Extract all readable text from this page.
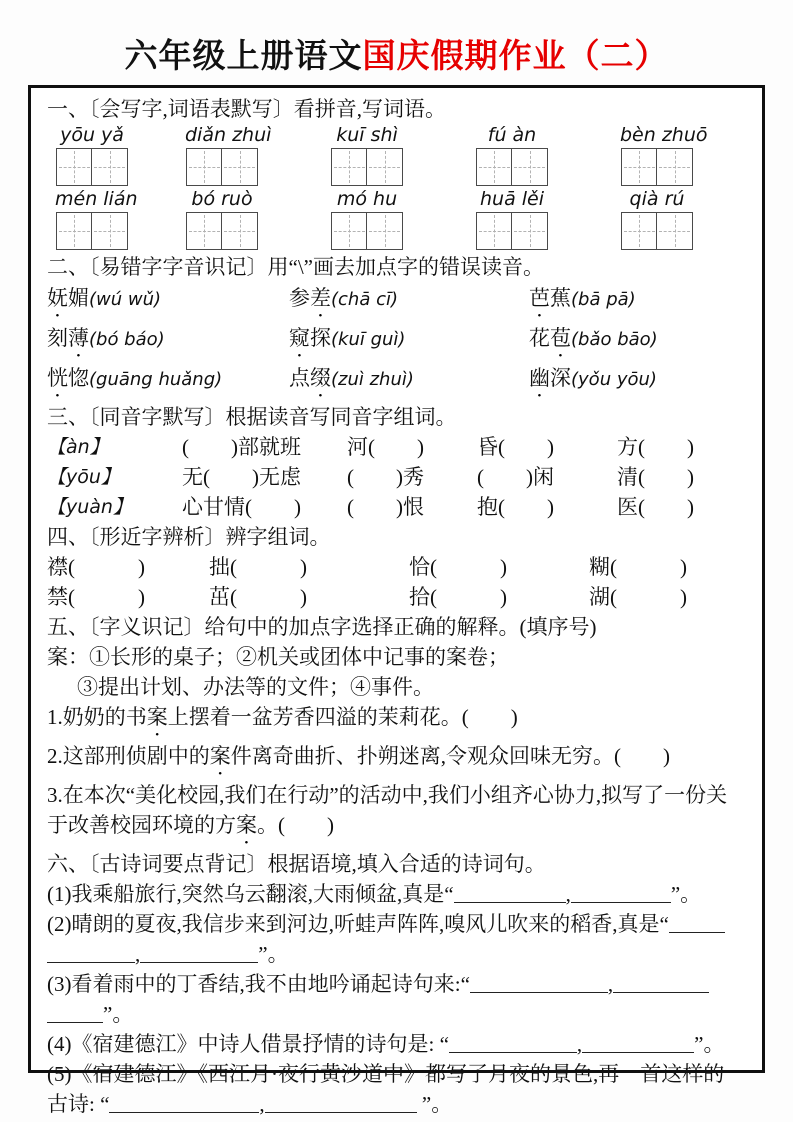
六年级上册语文国庆假期作业（二）

一、〔会写字,词语表默写〕看拼音,写词语。

yōu yǎ	diǎn zhuì	kuī shì	fú àn	bèn zhuō
mén lián	bó ruò	mó hu	huā lěi	qià rú

二、〔易错字字音识记〕用“\”画去加点字的错误读音。

妩媚(wú wǔ)	参差(chā cī)	芭蕉(bā pā)
刻薄(bó báo)	窥探(kuī guì)	花苞(bǎo bāo)
恍惚(guāng huǎng)	点缀(zuì zhuì)	幽深(yǒu yōu)

三、〔同音字默写〕根据读音写同音字组词。

【àn】	(　　)部就班	河(　　)	昏(　　)	方(　　)
【yōu】	无(　　)无虑	(　　)秀	(　　)闲	清(　　)
【yuàn】	心甘情(　　)	(　　)恨	抱(　　)	医(　　)

四、〔形近字辨析〕辨字组词。

襟(　　　)	拙(　　　)	恰(　　　)	糊(　　　)
禁(　　　)	茁(　　　)	拾(　　　)	湖(　　　)

五、〔字义识记〕给句中的加点字选择正确的解释。(填序号)

案：①长形的桌子；②机关或团体中记事的案卷；

③提出计划、办法等的文件；④事件。

1.奶奶的书案上摆着一盆芳香四溢的茉莉花。(　　)

2.这部刑侦剧中的案件离奇曲折、扑朔迷离,令观众回味无穷。(　　)

3.在本次“美化校园,我们在行动”的活动中,我们小组齐心协力,拟写了一份关

于改善校园环境的方案。(　　)

六、〔古诗词要点背记〕根据语境,填入合适的诗词句。

(1)我乘船旅行,突然乌云翻滚,大雨倾盆,真是“	,	”。

(2)晴朗的夏夜,我信步来到河边,听蛙声阵阵,嗅风儿吹来的稻香,真是“

,	”。

(3)看着雨中的丁香结,我不由地吟诵起诗句来:“	,

”。

(4)《宿建德江》中诗人借景抒情的诗句是: “	,	”。

(5)《宿建德江》《西江月·夜行黄沙道中》都写了月夜的景色,再一首这样的

古诗: “	,	”。
